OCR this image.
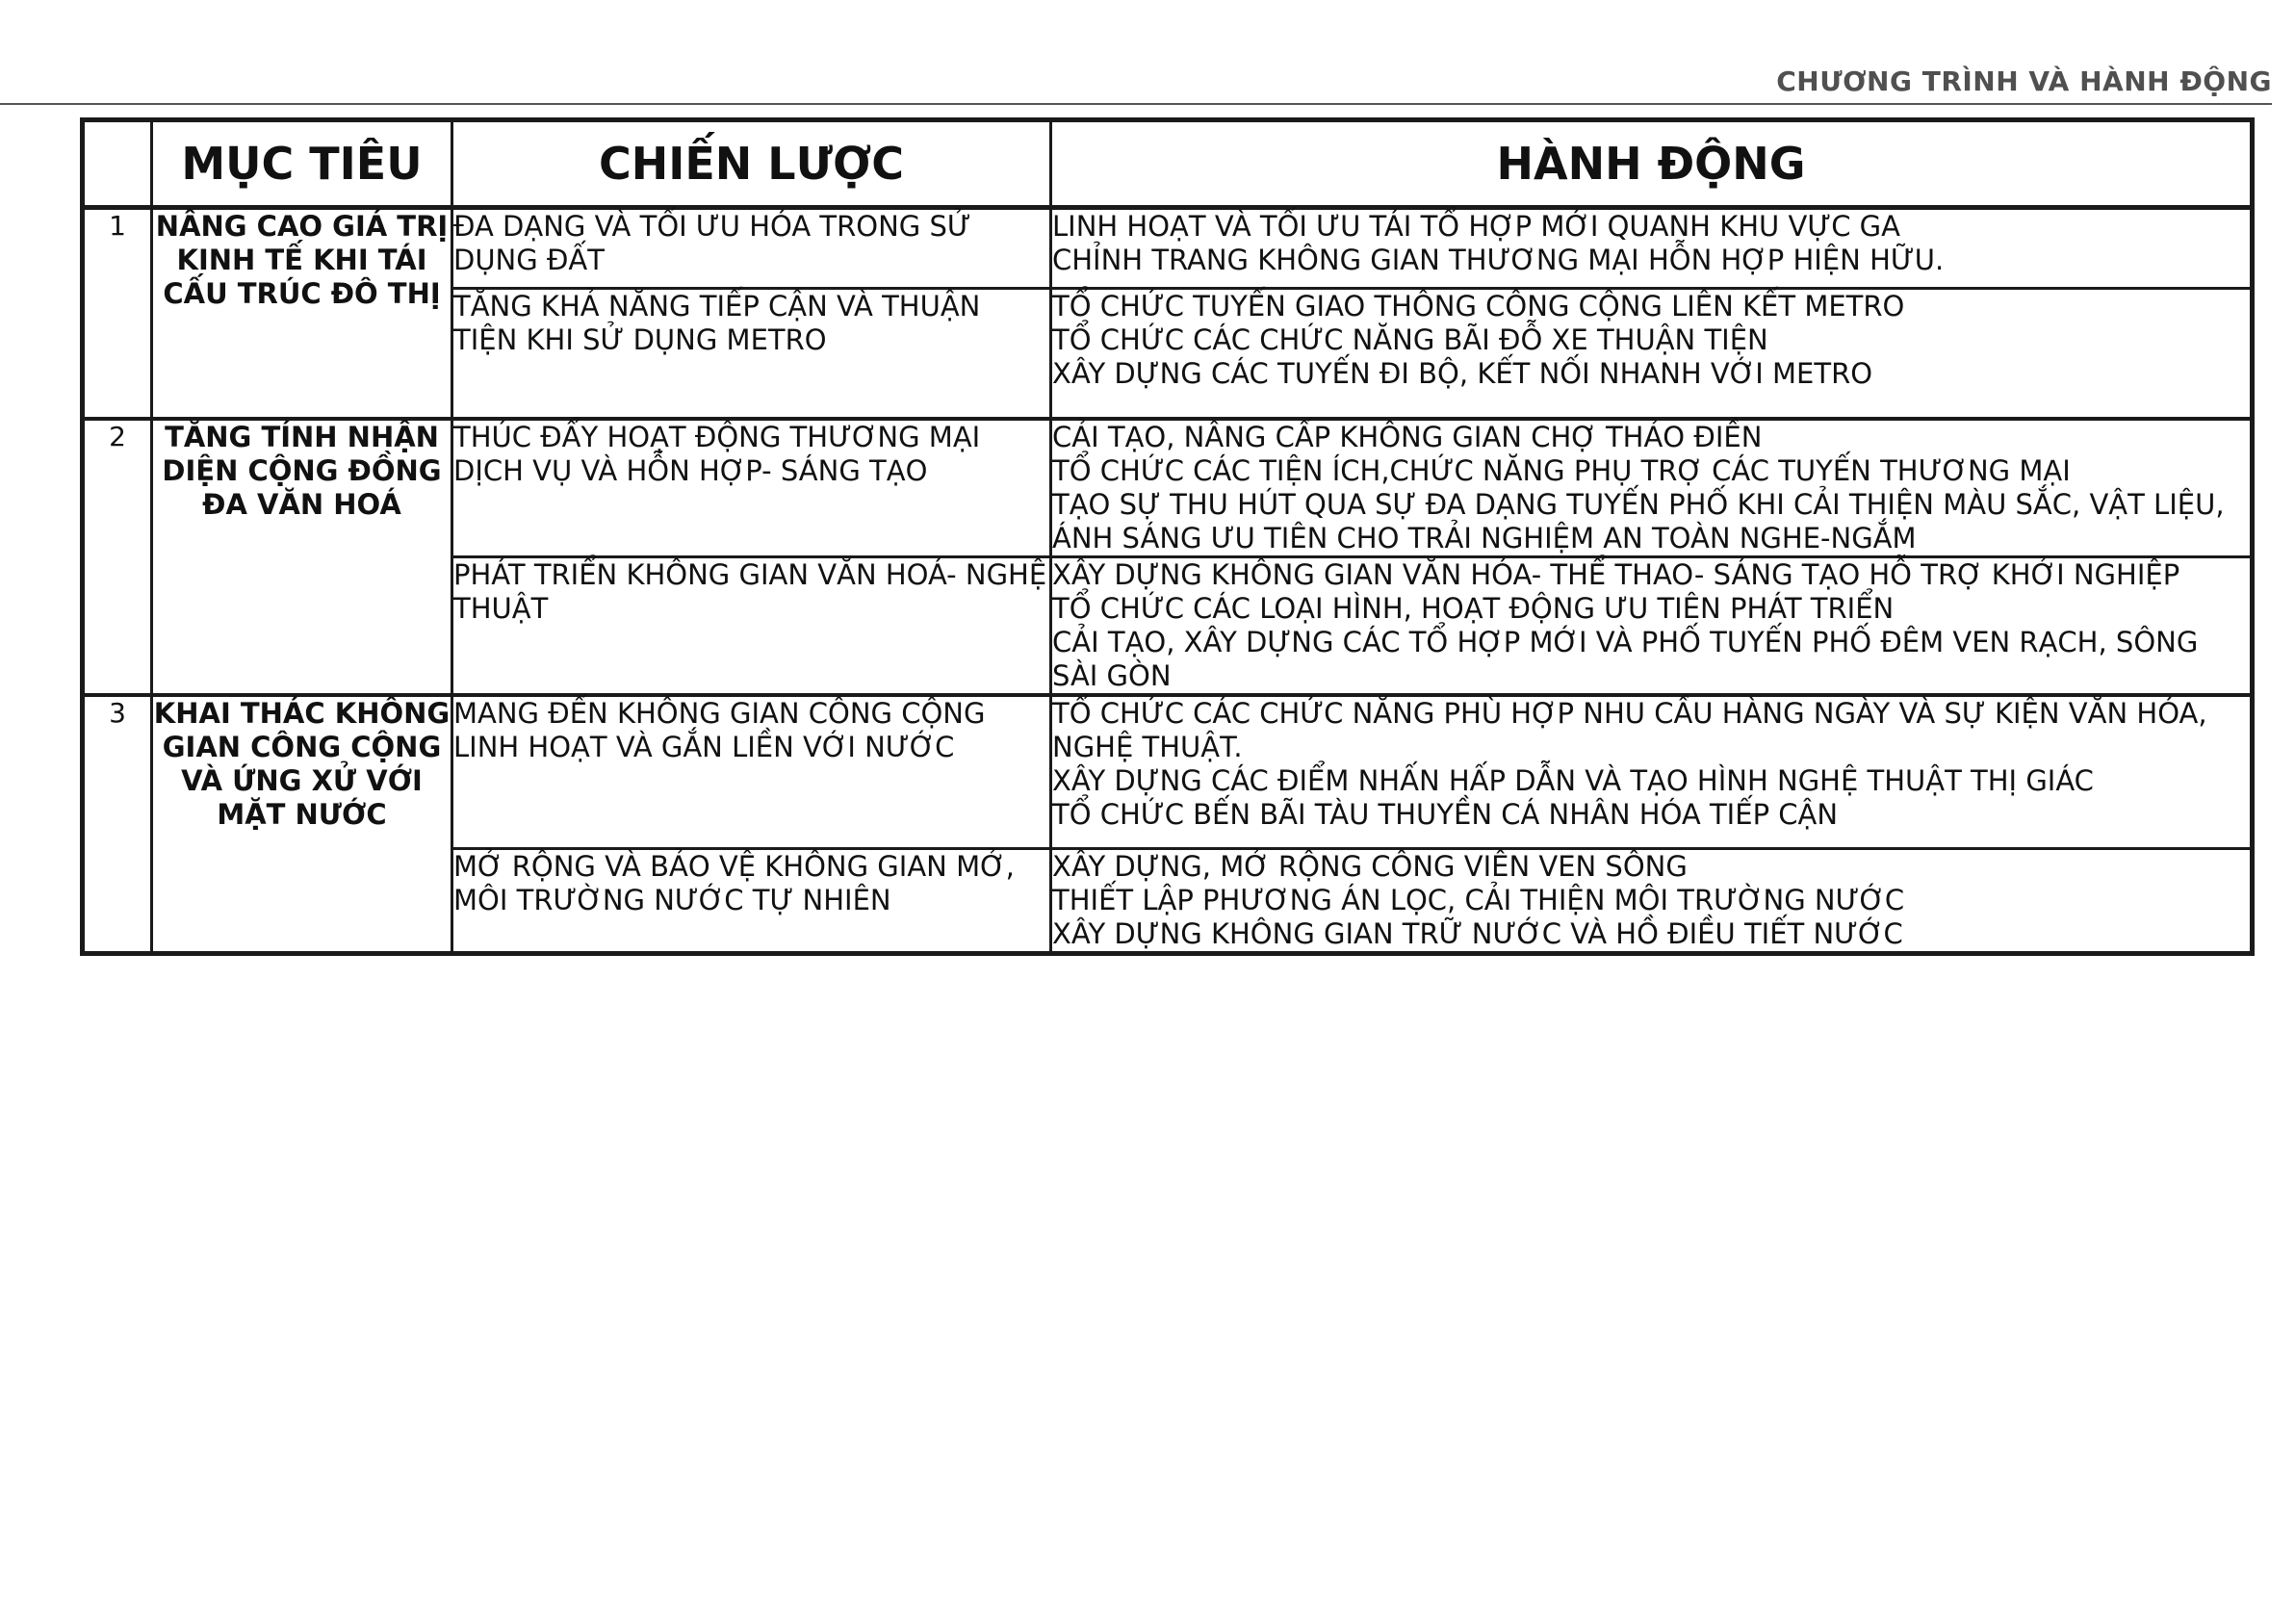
CHƯƠNG TRÌNH VÀ HÀNH ĐỘNG
	MỤC TIÊU	CHIẾN LƯỢC	HÀNH ĐỘNG
1	NÂNG CAO GIÁ TRỊ KINH TẾ KHI TÁI CẤU TRÚC ĐÔ THỊ	ĐA DẠNG VÀ TỐI ƯU HÓA TRONG SỬ DỤNG ĐẤT	LINH HOẠT VÀ TỐI ƯU TÁI TỔ HỢP MỚI QUANH KHU VỰC GA
CHỈNH TRANG KHÔNG GIAN THƯƠNG MẠI HỖN HỢP HIỆN HỮU.

		TĂNG KHẢ NĂNG TIẾP CẬN VÀ THUẬN TIỆN KHI SỬ DỤNG METRO	TỔ CHỨC TUYẾN GIAO THÔNG CÔNG CỘNG LIÊN KẾT METRO
TỔ CHỨC CÁC CHỨC NĂNG BÃI ĐỖ XE THUẬN TIỆN
XÂY DỰNG CÁC TUYẾN ĐI BỘ, KẾT NỐI NHANH VỚI METRO

2	TĂNG TÍNH NHẬN DIỆN CỘNG ĐỒNG ĐA VĂN HOÁ	THÚC ĐẨY HOẠT ĐỘNG THƯƠNG MẠI DỊCH VỤ VÀ HỖN HỢP- SÁNG TẠO	CẢI TẠO, NÂNG CẤP KHÔNG GIAN CHỢ THẢO ĐIỀN
TỔ CHỨC CÁC TIỆN ÍCH,CHỨC NĂNG PHỤ TRỢ CÁC TUYẾN THƯƠNG MẠI
TẠO SỰ THU HÚT QUA SỰ ĐA DẠNG TUYẾN PHỐ KHI CẢI THIỆN MÀU SẮC, VẬT LIỆU, ÁNH SÁNG ƯU TIÊN CHO TRẢI NGHIỆM AN TOÀN NGHE-NGẮM

		PHÁT TRIỂN KHÔNG GIAN VĂN HOÁ- NGHỆ THUẬT	XÂY DỰNG KHÔNG GIAN VĂN HÓA- THỂ THAO- SÁNG TẠO HỖ TRỢ KHỞI NGHIỆP
TỔ CHỨC CÁC LOẠI HÌNH, HOẠT ĐỘNG ƯU TIÊN PHÁT TRIỂN
CẢI TẠO, XÂY DỰNG CÁC TỔ HỢP MỚI VÀ PHỐ TUYẾN PHỐ ĐÊM VEN RẠCH, SÔNG SÀI GÒN

3	KHAI THÁC KHÔNG GIAN CÔNG CỘNG VÀ ỨNG XỬ VỚI MẶT NƯỚC	MANG ĐẾN KHÔNG GIAN CÔNG CỘNG LINH HOẠT VÀ GẮN LIỀN VỚI NƯỚC	TỔ CHỨC CÁC CHỨC NĂNG PHÙ HỢP NHU CẦU HÀNG NGÀY VÀ SỰ KIỆN VĂN HÓA, NGHỆ THUẬT.
XÂY DỰNG CÁC ĐIỂM NHẤN HẤP DẪN VÀ TẠO HÌNH NGHỆ THUẬT THỊ GIÁC
TỔ CHỨC BẾN BÃI TÀU THUYỀN CÁ NHÂN HÓA TIẾP CẬN

		MỞ RỘNG VÀ BẢO VỆ KHÔNG GIAN MỞ, MÔI TRƯỜNG NƯỚC TỰ NHIÊN	XÂY DỰNG, MỞ RỘNG CÔNG VIÊN VEN SÔNG
THIẾT LẬP PHƯƠNG ÁN LỌC, CẢI THIỆN MÔI TRƯỜNG NƯỚC
XÂY DỰNG KHÔNG GIAN TRỮ NƯỚC VÀ HỒ ĐIỀU TIẾT NƯỚC
